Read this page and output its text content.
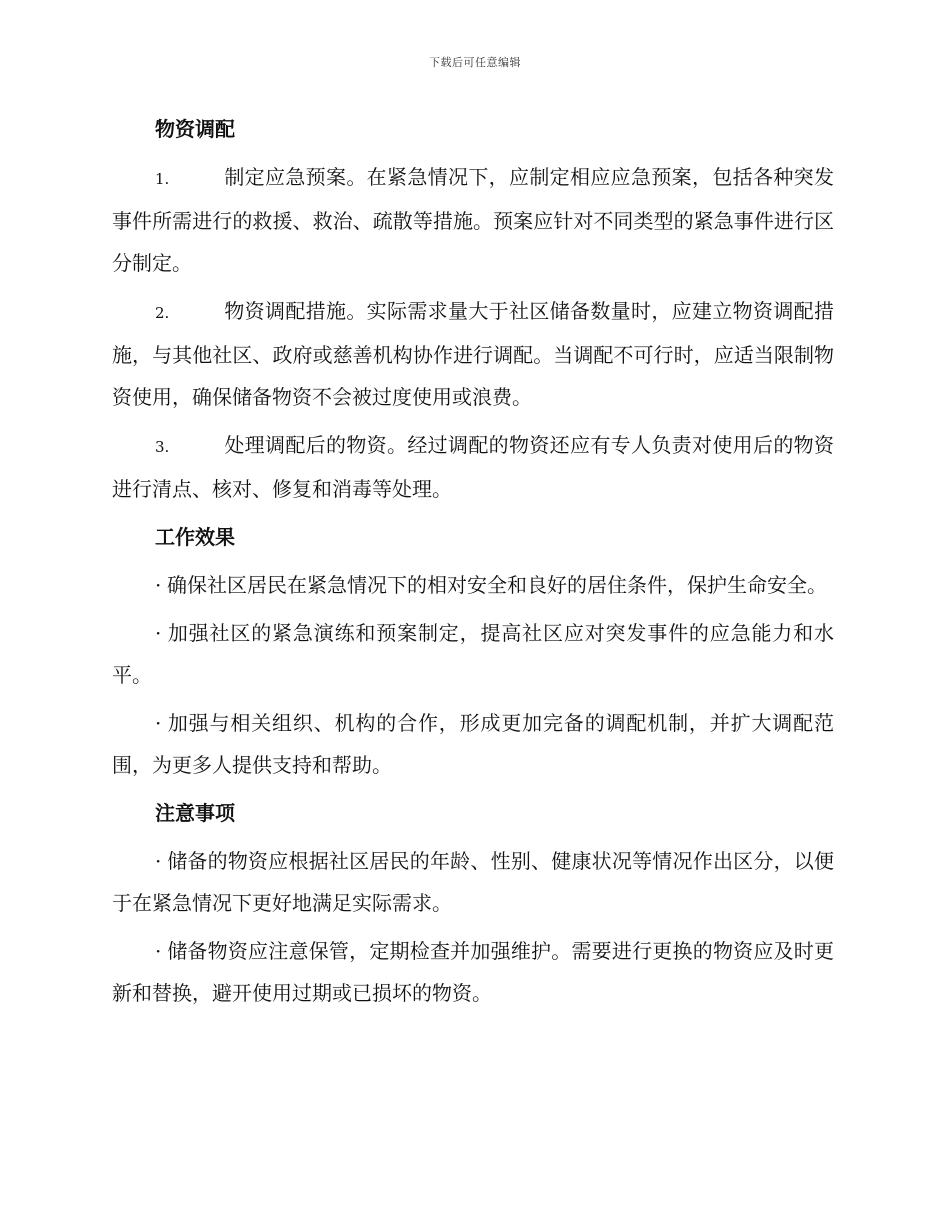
下载后可任意编辑
物资调配

1.	制定应急预案。在紧急情况下，应制定相应应急预案，包括各种突发事件所需进行的救援、救治、疏散等措施。预案应针对不同类型的紧急事件进行区分制定。

2.	物资调配措施。实际需求量大于社区储备数量时，应建立物资调配措施，与其他社区、政府或慈善机构协作进行调配。当调配不可行时，应适当限制物资使用，确保储备物资不会被过度使用或浪费。

3.	处理调配后的物资。经过调配的物资还应有专人负责对使用后的物资进行清点、核对、修复和消毒等处理。

工作效果

· 确保社区居民在紧急情况下的相对安全和良好的居住条件，保护生命安全。

· 加强社区的紧急演练和预案制定，提高社区应对突发事件的应急能力和水平。

· 加强与相关组织、机构的合作，形成更加完备的调配机制，并扩大调配范围，为更多人提供支持和帮助。

注意事项

· 储备的物资应根据社区居民的年龄、性别、健康状况等情况作出区分，以便于在紧急情况下更好地满足实际需求。

· 储备物资应注意保管，定期检查并加强维护。需要进行更换的物资应及时更新和替换，避开使用过期或已损坏的物资。
